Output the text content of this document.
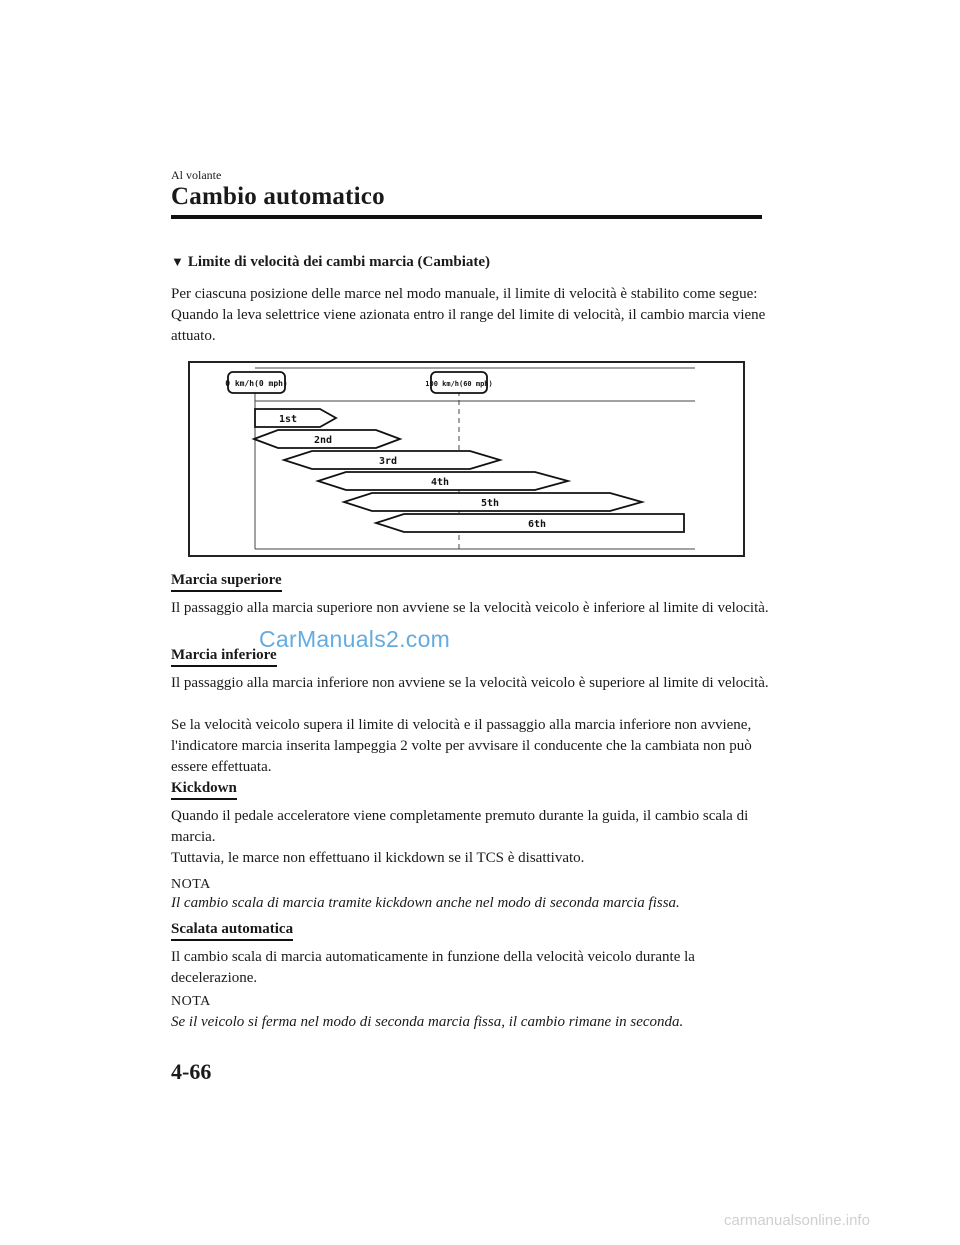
Al volante
Cambio automatico
▼ Limite di velocità dei cambi marcia (Cambiate)

Per ciascuna posizione delle marce nel modo manuale, il limite di velocità è stabilito come segue: Quando la leva selettrice viene azionata entro il range del limite di velocità, il cambio marcia viene attuato.

0 km/h(0 mph)	100 km/h(60 mph)
1st
2nd
3rd
4th
5th
6th
Marcia superiore

Il passaggio alla marcia superiore non avviene se la velocità veicolo è inferiore al limite di velocità.

CarManuals2.com
Marcia inferiore

Il passaggio alla marcia inferiore non avviene se la velocità veicolo è superiore al limite di velocità.

Se la velocità veicolo supera il limite di velocità e il passaggio alla marcia inferiore non avviene, l'indicatore marcia inserita lampeggia 2 volte per avvisare il conducente che la cambiata non può essere effettuata.

Kickdown

Quando il pedale acceleratore viene completamente premuto durante la guida, il cambio scala di marcia.

Tuttavia, le marce non effettuano il kickdown se il TCS è disattivato.

NOTA

Il cambio scala di marcia tramite kickdown anche nel modo di seconda marcia fissa.

Scalata automatica

Il cambio scala di marcia automaticamente in funzione della velocità veicolo durante la decelerazione.

NOTA

Se il veicolo si ferma nel modo di seconda marcia fissa, il cambio rimane in seconda.

4-66
carmanualsonline.info
